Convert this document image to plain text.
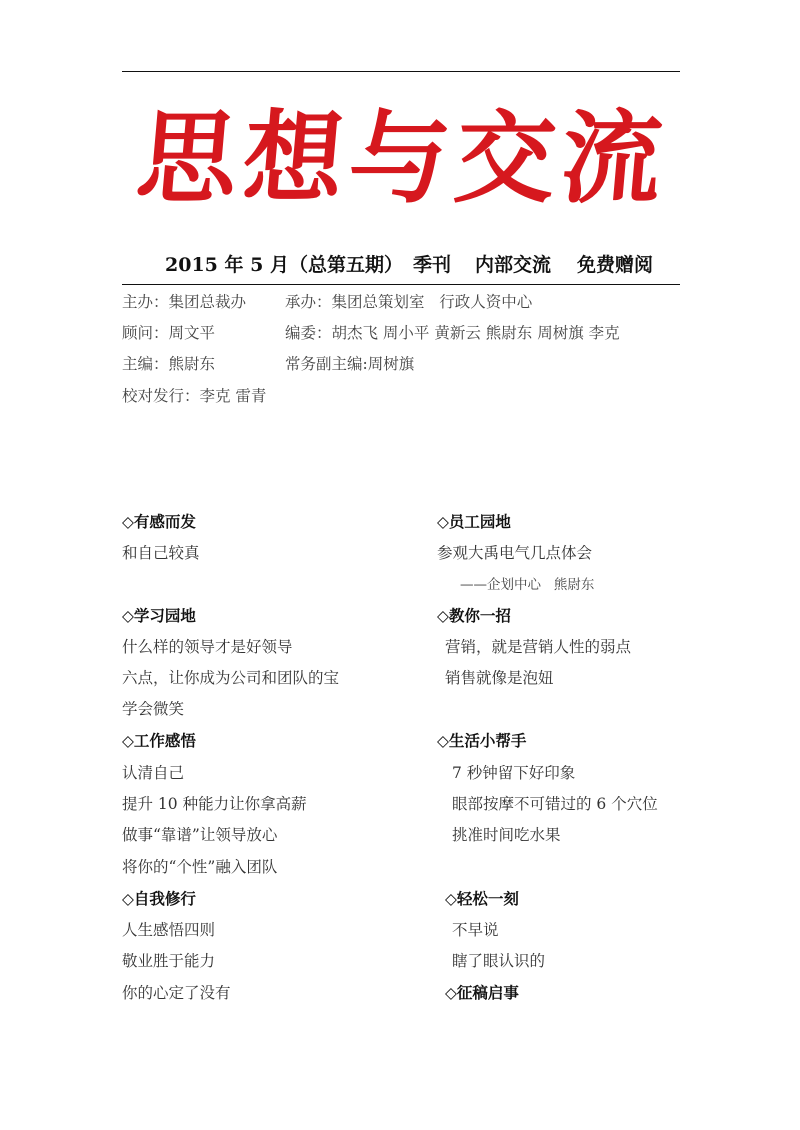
思想与交流
2015 年 5 月（总第五期） 季刊 内部交流 免费赠阅
主办：集团总裁办	承办：集团总策划室   行政人资中心
顾问：周文平	编委：胡杰飞 周小平 黄新云 熊尉东 周树旗 李克
主编：熊尉东	常务副主编:周树旗
校对发行：李克 雷青
◇有感而发
和自己较真
◇学习园地
什么样的领导才是好领导
六点，让你成为公司和团队的宝
学会微笑
◇工作感悟
认清自己
提升 10 种能力让你拿高薪
做事“靠谱”让领导放心
将你的“个性”融入团队
◇自我修行
人生感悟四则
敬业胜于能力
你的心定了没有
◇员工园地
参观大禹电气几点体会
——企划中心   熊尉东
◇教你一招
营销，就是营销人性的弱点
销售就像是泡妞
◇生活小帮手
7 秒钟留下好印象
眼部按摩不可错过的 6 个穴位
挑准时间吃水果
◇轻松一刻
不早说
瞎了眼认识的
◇征稿启事
